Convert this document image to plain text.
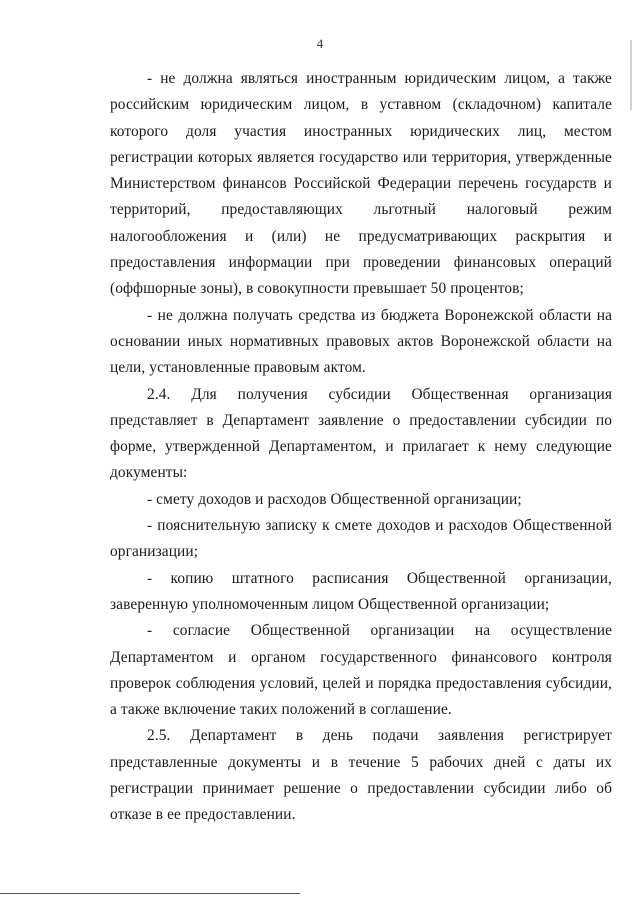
4

- не должна являться иностранным юридическим лицом, а также российским юридическим лицом, в уставном (складочном) капитале которого доля участия иностранных юридических лиц, местом регистрации которых является государство или территория, утвержденные Министерством финансов Российской Федерации перечень государств и территорий, предоставляющих льготный налоговый режим налогообложения и (или) не предусматривающих раскрытия и предоставления информации при проведении финансовых операций (оффшорные зоны), в совокупности превышает 50 процентов;

- не должна получать средства из бюджета Воронежской области на основании иных нормативных правовых актов Воронежской области на цели, установленные правовым актом.

2.4. Для получения субсидии Общественная организация представляет в Департамент заявление о предоставлении субсидии по форме, утвержденной Департаментом, и прилагает к нему следующие документы:

- смету доходов и расходов Общественной организации;

- пояснительную записку к смете доходов и расходов Общественной организации;

- копию штатного расписания Общественной организации, заверенную уполномоченным лицом Общественной организации;

- согласие Общественной организации на осуществление Департаментом и органом государственного финансового контроля проверок соблюдения условий, целей и порядка предоставления субсидии, а также включение таких положений в соглашение.

2.5. Департамент в день подачи заявления регистрирует представленные документы и в течение 5 рабочих дней с даты их регистрации принимает решение о предоставлении субсидии либо об отказе в ее предоставлении.
